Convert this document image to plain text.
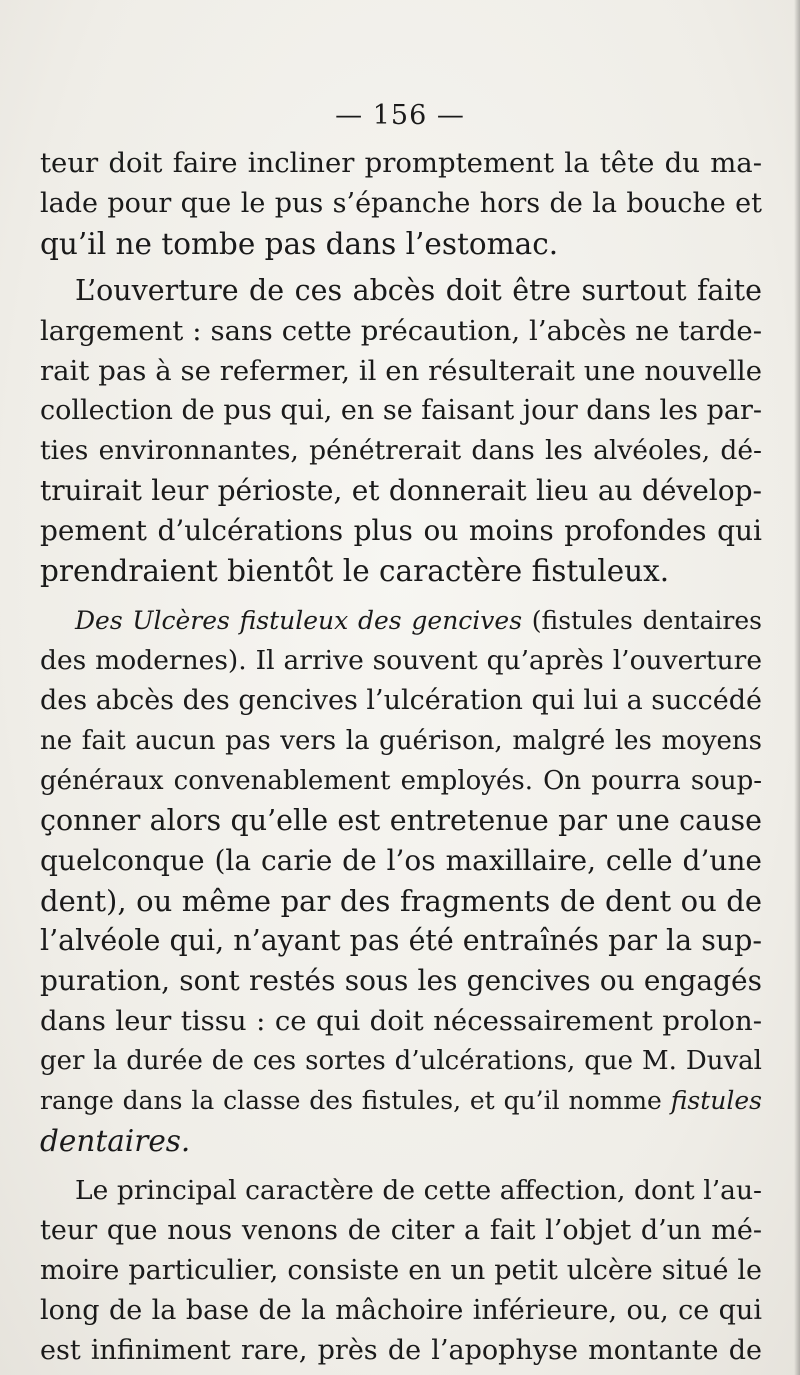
— 156 —
teur doit faire incliner promptement la tête du ma-
lade pour que le pus s’épanche hors de la bouche et
qu’il ne tombe pas dans l’estomac.
L’ouverture de ces abcès doit être surtout faite
largement : sans cette précaution, l’abcès ne tarde-
rait pas à se refermer, il en résulterait une nouvelle
collection de pus qui, en se faisant jour dans les par-
ties environnantes, pénétrerait dans les alvéoles, dé-
truirait leur périoste, et donnerait lieu au dévelop-
pement d’ulcérations plus ou moins profondes qui
prendraient bientôt le caractère fistuleux.
Des Ulcères fistuleux des gencives (fistules dentaires
des modernes). Il arrive souvent qu’après l’ouverture
des abcès des gencives l’ulcération qui lui a succédé
ne fait aucun pas vers la guérison, malgré les moyens
généraux convenablement employés. On pourra soup-
çonner alors qu’elle est entretenue par une cause
quelconque (la carie de l’os maxillaire, celle d’une
dent), ou même par des fragments de dent ou de
l’alvéole qui, n’ayant pas été entraînés par la sup-
puration, sont restés sous les gencives ou engagés
dans leur tissu : ce qui doit nécessairement prolon-
ger la durée de ces sortes d’ulcérations, que M. Duval
range dans la classe des fistules, et qu’il nomme fistules
dentaires.
Le principal caractère de cette affection, dont l’au-
teur que nous venons de citer a fait l’objet d’un mé-
moire particulier, consiste en un petit ulcère situé le
long de la base de la mâchoire inférieure, ou, ce qui
est infiniment rare, près de l’apophyse montante de
